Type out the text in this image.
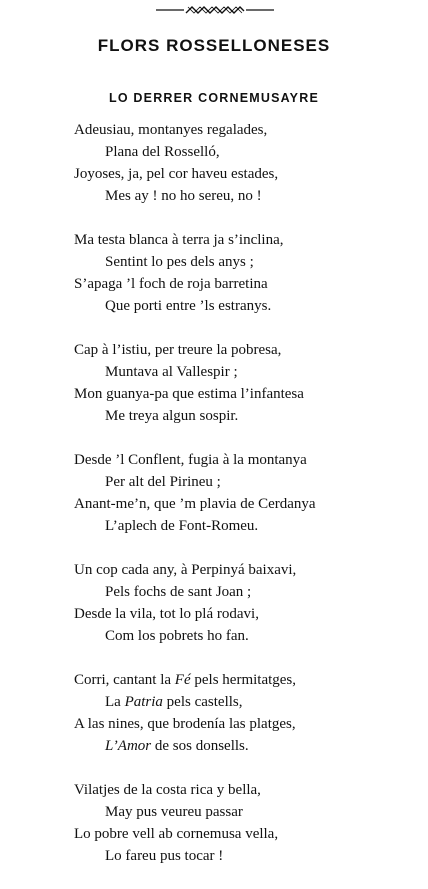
FLORS ROSSELLONESES
LO DERRER CORNEMUSAYRE
Adeusiau, montanyes regalades,
Plana del Rosselló,
Joyoses, ja, pel cor haveu estades,
Mes ay ! no ho sereu, no !
Ma testa blanca à terra ja s’inclina,
Sentint lo pes dels anys ;
S’apaga ’l foch de roja barretina
Que porti entre ’ls estranys.
Cap à l’istiu, per treure la pobresa,
Muntava al Vallespir ;
Mon guanya-pa que estima l’infantesa
Me treya algun sospir.
Desde ’l Conflent, fugia à la montanya
Per alt del Pirineu ;
Anant-me’n, que ’m plavia de Cerdanya
L’aplech de Font-Romeu.
Un cop cada any, à Perpinyá baixavi,
Pels fochs de sant Joan ;
Desde la vila, tot lo plá rodavi,
Com los pobrets ho fan.
Corri, cantant la Fé pels hermitatges,
La Patria pels castells,
A las nines, que brodenía las platges,
L’Amor de sos donsells.
Vilatjes de la costa rica y bella,
May pus veureu passar
Lo pobre vell ab cornemusa vella,
Lo fareu pus tocar !
